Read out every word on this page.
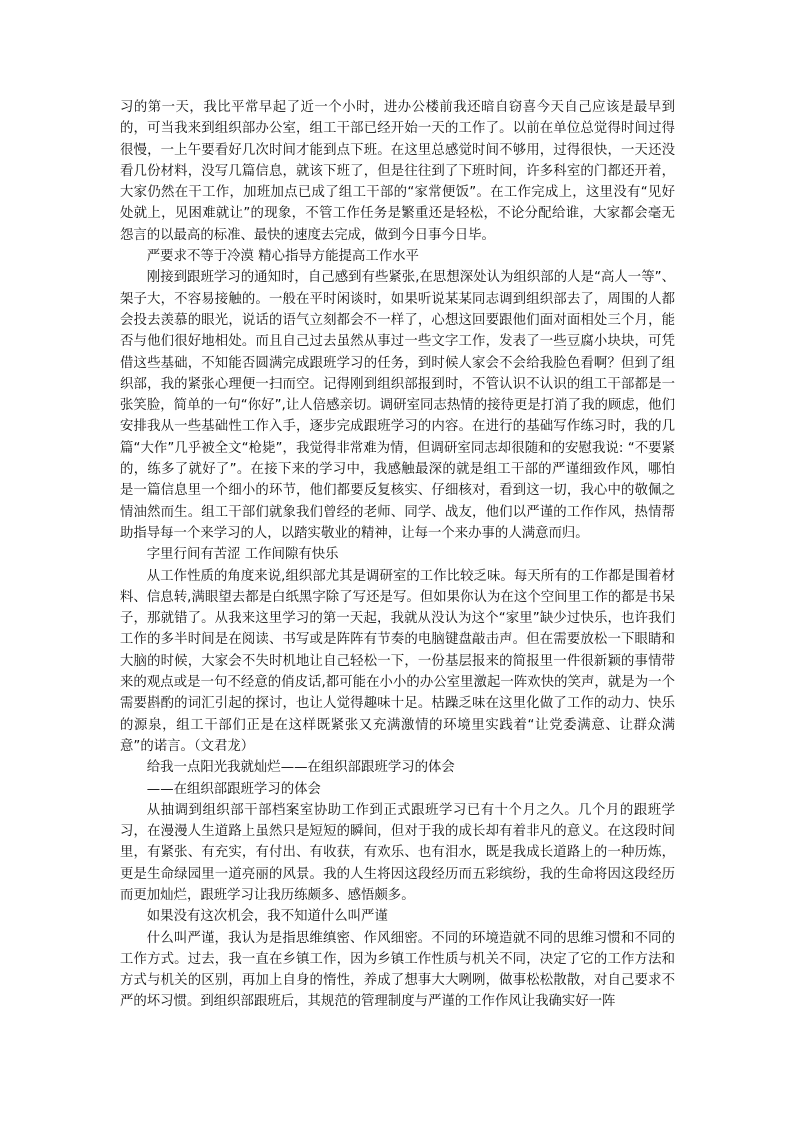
习的第一天，我比平常早起了近一个小时，进办公楼前我还暗自窃喜今天自己应该是最早到的，可当我来到组织部办公室，组工干部已经开始一天的工作了。以前在单位总觉得时间过得很慢，一上午要看好几次时间才能到点下班。在这里总感觉时间不够用，过得很快，一天还没看几份材料，没写几篇信息，就该下班了，但是往往到了下班时间，许多科室的门都还开着，大家仍然在干工作，加班加点已成了组工干部的“家常便饭”。在工作完成上，这里没有“见好处就上，见困难就让”的现象，不管工作任务是繁重还是轻松，不论分配给谁，大家都会毫无怨言的以最高的标准、最快的速度去完成，做到今日事今日毕。

严要求不等于冷漠 精心指导方能提高工作水平

刚接到跟班学习的通知时，自己感到有些紧张,在思想深处认为组织部的人是“高人一等”、架子大，不容易接触的。一般在平时闲谈时，如果听说某某同志调到组织部去了，周围的人都会投去羡慕的眼光，说话的语气立刻都会不一样了，心想这回要跟他们面对面相处三个月，能否与他们很好地相处。而且自己过去虽然从事过一些文字工作，发表了一些豆腐小块块，可凭借这些基础，不知能否圆满完成跟班学习的任务，到时候人家会不会给我脸色看啊？但到了组织部，我的紧张心理便一扫而空。记得刚到组织部报到时，不管认识不认识的组工干部都是一张笑脸，简单的一句“你好”,让人倍感亲切。调研室同志热情的接待更是打消了我的顾虑，他们安排我从一些基础性工作入手，逐步完成跟班学习的内容。在进行的基础写作练习时，我的几篇“大作”几乎被全文“枪毙”，我觉得非常难为情，但调研室同志却很随和的安慰我说: “不要紧的，练多了就好了”。在接下来的学习中，我感触最深的就是组工干部的严谨细致作风，哪怕是一篇信息里一个细小的环节，他们都要反复核实、仔细核对，看到这一切，我心中的敬佩之情油然而生。组工干部们就象我们曾经的老师、同学、战友，他们以严谨的工作作风，热情帮助指导每一个来学习的人，以踏实敬业的精神，让每一个来办事的人满意而归。

字里行间有苦涩 工作间隙有快乐

从工作性质的角度来说,组织部尤其是调研室的工作比较乏味。每天所有的工作都是围着材料、信息转,满眼望去都是白纸黑字除了写还是写。但如果你认为在这个空间里工作的都是书呆子，那就错了。从我来这里学习的第一天起，我就从没认为这个“家里”缺少过快乐，也许我们工作的多半时间是在阅读、书写或是阵阵有节奏的电脑键盘敲击声。但在需要放松一下眼睛和大脑的时候，大家会不失时机地让自己轻松一下，一份基层报来的简报里一件很新颖的事情带来的观点或是一句不经意的俏皮话,都可能在小小的办公室里激起一阵欢快的笑声，就是为一个需要斟酌的词汇引起的探讨，也让人觉得趣味十足。枯躁乏味在这里化做了工作的动力、快乐的源泉，组工干部们正是在这样既紧张又充满激情的环境里实践着“让党委满意、让群众满意”的诺言。（文君龙）

给我一点阳光我就灿烂——在组织部跟班学习的体会

——在组织部跟班学习的体会

从抽调到组织部干部档案室协助工作到正式跟班学习已有十个月之久。几个月的跟班学习，在漫漫人生道路上虽然只是短短的瞬间，但对于我的成长却有着非凡的意义。在这段时间里，有紧张、有充实，有付出、有收获，有欢乐、也有泪水，既是我成长道路上的一种历炼，更是生命绿园里一道亮丽的风景。我的人生将因这段经历而五彩缤纷，我的生命将因这段经历而更加灿烂，跟班学习让我历练颇多、感悟颇多。

如果没有这次机会，我不知道什么叫严谨

什么叫严谨，我认为是指思维缜密、作风细密。不同的环境造就不同的思维习惯和不同的工作方式。过去，我一直在乡镇工作，因为乡镇工作性质与机关不同，决定了它的工作方法和方式与机关的区别，再加上自身的惰性，养成了想事大大咧咧，做事松松散散，对自己要求不严的坏习惯。到组织部跟班后，其规范的管理制度与严谨的工作作风让我确实好一阵
